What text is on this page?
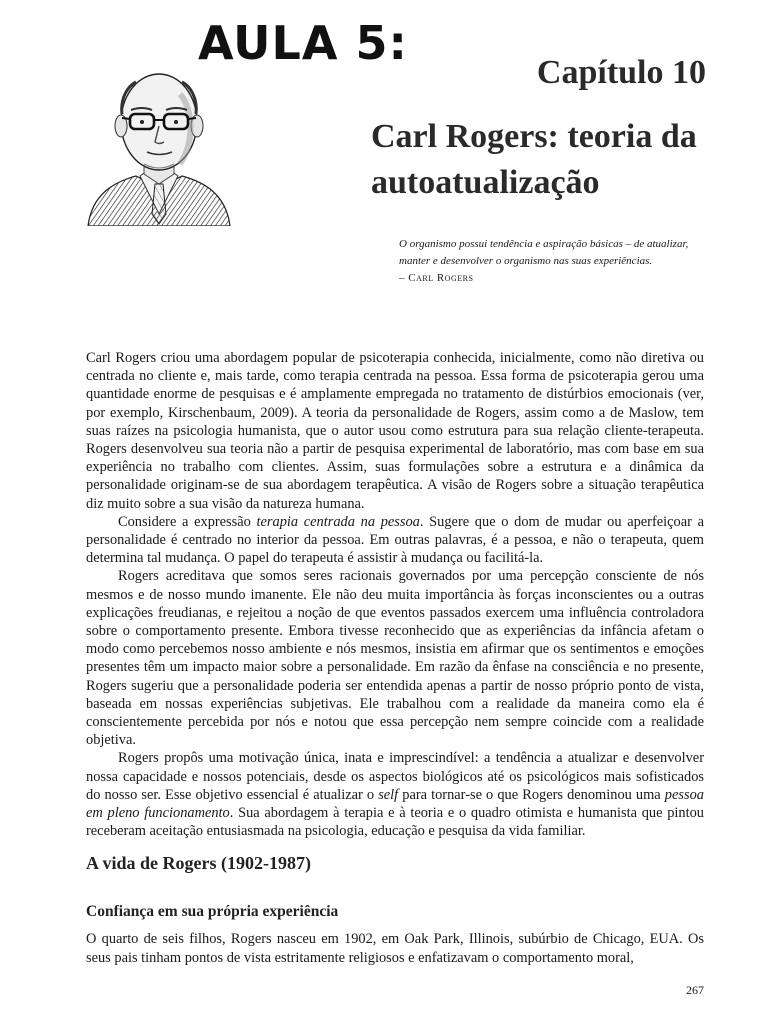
AULA 5:
Capítulo 10
Carl Rogers: teoria da autoatualização

O organismo possui tendência e aspiração básicas – de atualizar, manter e desenvolver o organismo nas suas experiências.

– Carl Rogers

Carl Rogers criou uma abordagem popular de psicoterapia conhecida, inicialmente, como não diretiva ou centrada no cliente e, mais tarde, como terapia centrada na pessoa. Essa forma de psicoterapia gerou uma quantidade enorme de pesquisas e é amplamente empregada no tratamento de distúrbios emocionais (ver, por exemplo, Kirschenbaum, 2009). A teoria da personalidade de Rogers, assim como a de Maslow, tem suas raízes na psicologia humanista, que o autor usou como estrutura para sua relação cliente-terapeuta. Rogers desenvolveu sua teoria não a partir de pesquisa experimental de laboratório, mas com base em sua experiência no trabalho com clientes. Assim, suas formulações sobre a estrutura e a dinâmica da personalidade originam-se de sua abordagem terapêutica. A visão de Rogers sobre a situação terapêutica diz muito sobre a sua visão da natureza humana.

Considere a expressão terapia centrada na pessoa. Sugere que o dom de mudar ou aperfeiçoar a personalidade é centrado no interior da pessoa. Em outras palavras, é a pessoa, e não o terapeuta, quem determina tal mudança. O papel do terapeuta é assistir à mudança ou facilitá-la.

Rogers acreditava que somos seres racionais governados por uma percepção consciente de nós mesmos e de nosso mundo imanente. Ele não deu muita importância às forças inconscientes ou a outras explicações freudianas, e rejeitou a noção de que eventos passados exercem uma influência controladora sobre o comportamento presente. Embora tivesse reconhecido que as experiências da infância afetam o modo como percebemos nosso ambiente e nós mesmos, insistia em afirmar que os sentimentos e emoções presentes têm um impacto maior sobre a personalidade. Em razão da ênfase na consciência e no presente, Rogers sugeriu que a personalidade poderia ser entendida apenas a partir de nosso próprio ponto de vista, baseada em nossas experiências subjetivas. Ele trabalhou com a realidade da maneira como ela é conscientemente percebida por nós e notou que essa percepção nem sempre coincide com a realidade objetiva.

Rogers propôs uma motivação única, inata e imprescindível: a tendência a atualizar e desenvolver nossa capacidade e nossos potenciais, desde os aspectos biológicos até os psicológicos mais sofisticados do nosso ser. Esse objetivo essencial é atualizar o self para tornar-se o que Rogers denominou uma pessoa em pleno funcionamento. Sua abordagem à terapia e à teoria e o quadro otimista e humanista que pintou receberam aceitação entusiasmada na psicologia, educação e pesquisa da vida familiar.

A vida de Rogers (1902-1987)
Confiança em sua própria experiência

O quarto de seis filhos, Rogers nasceu em 1902, em Oak Park, Illinois, subúrbio de Chicago, EUA. Os seus pais tinham pontos de vista estritamente religiosos e enfatizavam o comportamento moral,

267
